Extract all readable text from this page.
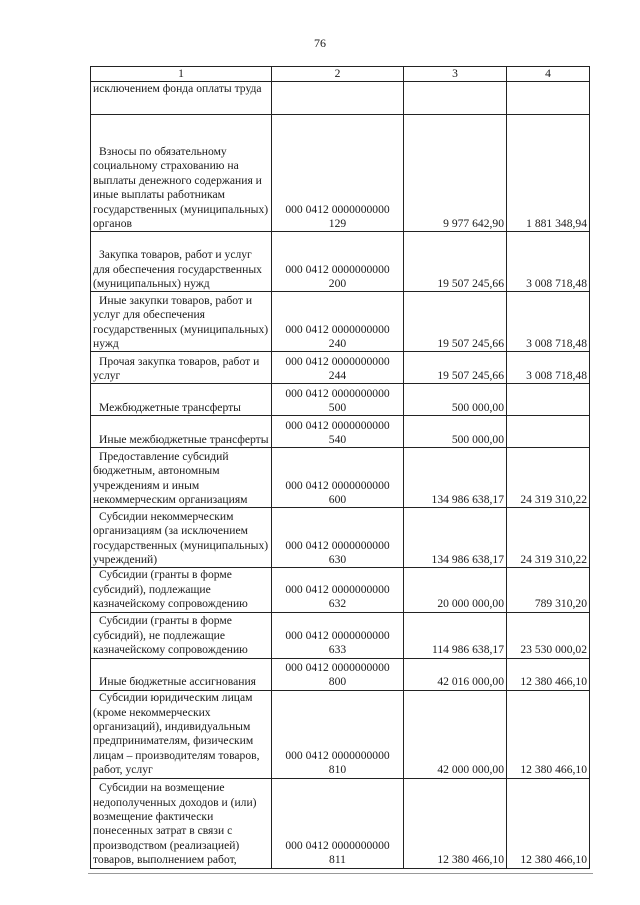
76
1	2	3	4
исключением фонда оплаты труда	

Взносы по обязательному социальному страхованию на выплаты денежного содержания и иные выплаты работникам государственных (муниципальных) органов	000 0412 0000000000
129	9 977 642,90	1 881 348,94

Закупка товаров, работ и услуг для обеспечения государственных (муниципальных) нужд	000 0412 0000000000
200	19 507 245,66	3 008 718,48

Иные закупки товаров, работ и услуг для обеспечения государственных (муниципальных) нужд	000 0412 0000000000
240	19 507 245,66	3 008 718,48

Прочая закупка товаров, работ и услуг	000 0412 0000000000
244	19 507 245,66	3 008 718,48

Межбюджетные трансферты	000 0412 0000000000
500	500 000,00	

Иные межбюджетные трансферты	000 0412 0000000000
540	500 000,00	

Предоставление субсидий бюджетным, автономным учреждениям и иным некоммерческим организациям	000 0412 0000000000
600	134 986 638,17	24 319 310,22

Субсидии некоммерческим организациям (за исключением государственных (муниципальных) учреждений)	000 0412 0000000000
630	134 986 638,17	24 319 310,22

Субсидии (гранты в форме субсидий), подлежащие казначейскому сопровождению	000 0412 0000000000
632	20 000 000,00	789 310,20

Субсидии (гранты в форме субсидий), не подлежащие казначейскому сопровождению	000 0412 0000000000
633	114 986 638,17	23 530 000,02

Иные бюджетные ассигнования	000 0412 0000000000
800	42 016 000,00	12 380 466,10

Субсидии юридическим лицам (кроме некоммерческих организаций), индивидуальным предпринимателям, физическим лицам – производителям товаров, работ, услуг	000 0412 0000000000
810	42 000 000,00	12 380 466,10

Субсидии на возмещение недополученных доходов и (или) возмещение фактически понесенных затрат в связи с производством (реализацией) товаров, выполнением работ,	000 0412 0000000000
811	12 380 466,10	12 380 466,10
